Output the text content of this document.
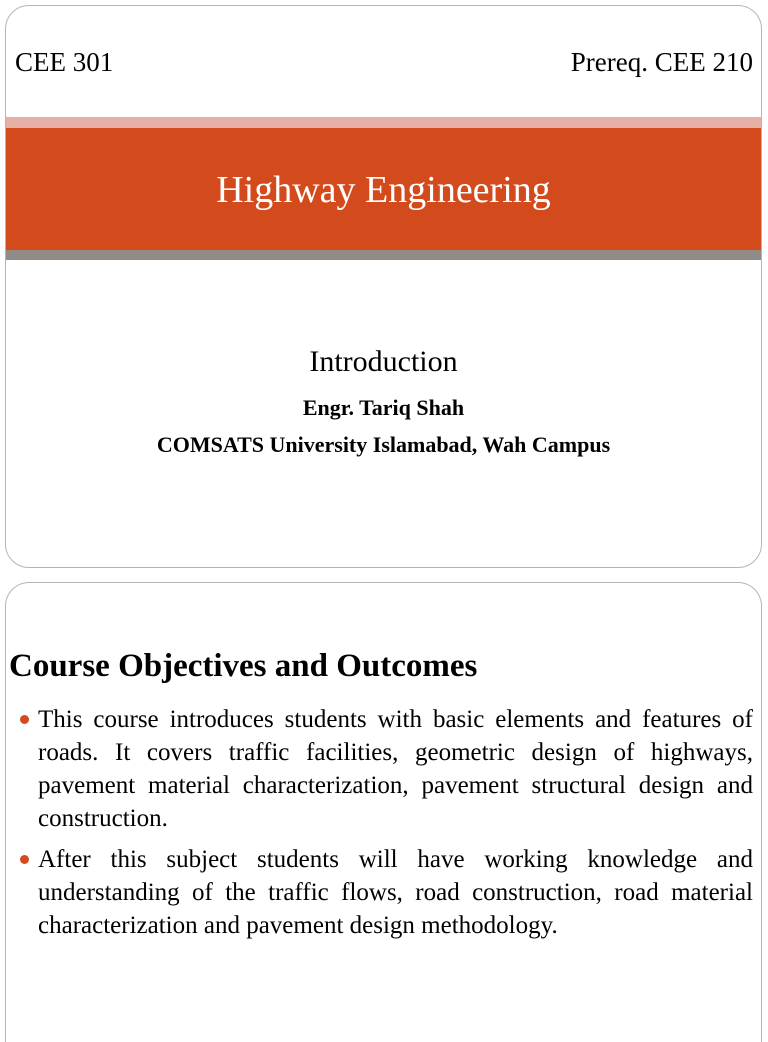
CEE 301	Prereq. CEE 210
Highway Engineering
Introduction
Engr. Tariq Shah
COMSATS University Islamabad, Wah Campus
Course Objectives and Outcomes
This course introduces students with basic elements and features of roads. It covers traffic facilities, geometric design of highways, pavement material characterization, pavement structural design and construction.
After this subject students will have working knowledge and understanding of the traffic flows, road construction, road material characterization and pavement design methodology.
